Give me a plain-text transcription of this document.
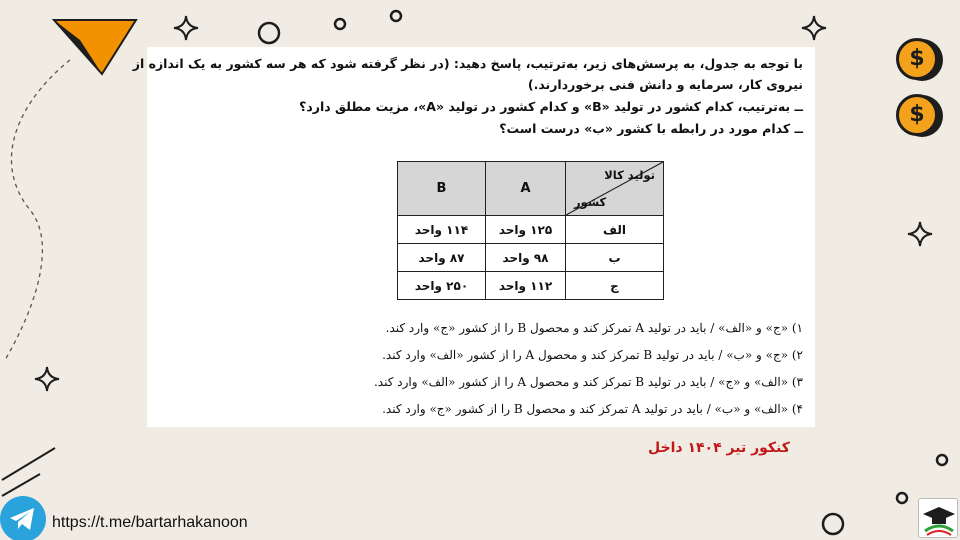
$
$
با توجه به جدول، به پرسش‌های زیر، به‌ترتیب، پاسخ دهید: (در نظر گرفته شود که هر سه کشور به یک اندازه از
نیروی کار، سرمایه و دانش فنی برخوردارند.)
ــ به‌ترتیب، کدام کشور در تولید «B» و کدام کشور در تولید «A»، مزیت مطلق دارد؟
ــ کدام مورد در رابطه با کشور «ب» درست است؟
تولید کالا
کشور	A	B
الف	۱۲۵ واحد	۱۱۴ واحد
ب	۹۸ واحد	۸۷ واحد
ج	۱۱۲ واحد	۲۵۰ واحد
۱) «ج» و «الف» / باید در تولید A تمرکز کند و محصول B را از کشور «ج» وارد کند.
۲) «ج» و «ب» / باید در تولید B تمرکز کند و محصول A را از کشور «الف» وارد کند.
۳) «الف» و «ج» / باید در تولید B تمرکز کند و محصول A را از کشور «الف» وارد کند.
۴) «الف» و «ب» / باید در تولید A تمرکز کند و محصول B را از کشور «ج» وارد کند.
کنکور تیر ۱۴۰۴ داخل
https://t.me/bartarhakanoon
